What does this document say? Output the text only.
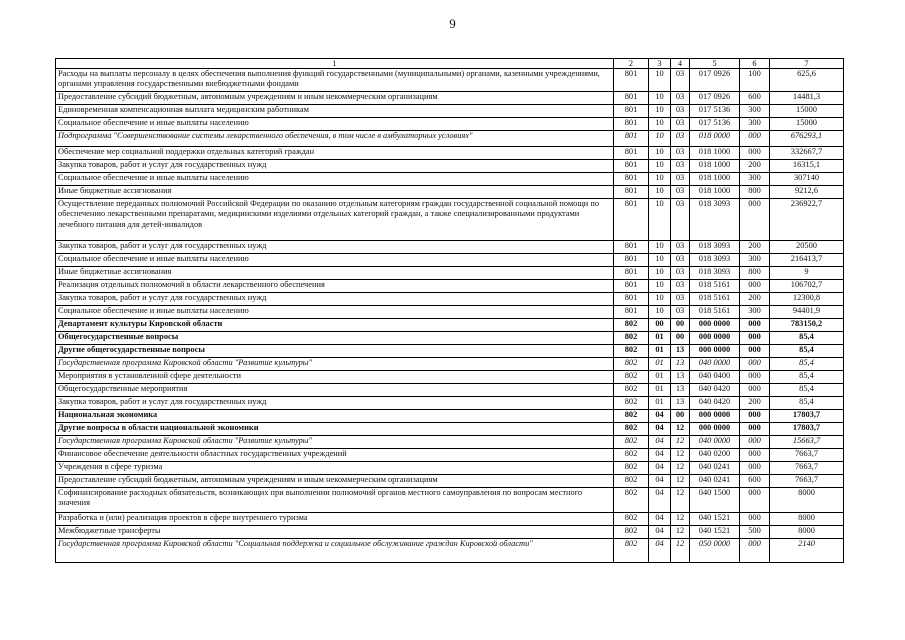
9
1	2	3	4	5	6	7
Расходы на выплаты персоналу в целях обеспечения выполнения функций государственными (муниципальными) органами, казенными учреждениями, органами управления государственными внебюджетными фондами	801	10	03	017 0926	100	625,6
Предоставление субсидий бюджетным, автономным учреждениям и иным некоммерческим организациям	801	10	03	017 0926	600	14481,3
Единовременная компенсационная выплата медицинским работникам	801	10	03	017 5136	300	15000
Социальное обеспечение и иные выплаты населению	801	10	03	017 5136	300	15000
Подпрограмма "Совершенствование системы лекарственного обеспечения, в том числе в амбулаторных условиях"	801	10	03	018 0000	000	676293,1
Обеспечение мер социальной поддержки отдельных категорий граждан	801	10	03	018 1000	000	332667,7
Закупка товаров, работ и услуг для государственных нужд	801	10	03	018 1000	200	16315,1
Социальное обеспечение и иные выплаты населению	801	10	03	018 1000	300	307140
Иные бюджетные ассигнования	801	10	03	018 1000	800	9212,6
Осуществление переданных полномочий Российской Федерации по оказанию отдельным категориям граждан государственной социальной помощи по обеспечению лекарственными препаратами, медицинскими изделиями отдельных категорий граждан, а также специализированными продуктами лечебного питания для детей-инвалидов	801	10	03	018 3093	000	236922,7
Закупка товаров, работ и услуг для государственных нужд	801	10	03	018 3093	200	20500
Социальное обеспечение и иные выплаты населению	801	10	03	018 3093	300	216413,7
Иные бюджетные ассигнования	801	10	03	018 3093	800	9
Реализация отдельных полномочий в области лекарственного обеспечения	801	10	03	018 5161	000	106702,7
Закупка товаров, работ и услуг для государственных нужд	801	10	03	018 5161	200	12300,8
Социальное обеспечение и иные выплаты населению	801	10	03	018 5161	300	94401,9
Департамент культуры Кировской области	802	00	00	000 0000	000	783150,2
Общегосударственные вопросы	802	01	00	000 0000	000	85,4
Другие общегосударственные вопросы	802	01	13	000 0000	000	85,4
Государственная программа Кировской области "Развитие культуры"	802	01	13	040 0000	000	85,4
Мероприятия в установленной сфере деятельности	802	01	13	040 0400	000	85,4
Общегосударственные мероприятия	802	01	13	040 0420	000	85,4
Закупка товаров, работ и услуг для государственных нужд	802	01	13	040 0420	200	85,4
Национальная экономика	802	04	00	000 0000	000	17803,7
Другие вопросы в области национальной экономики	802	04	12	000 0000	000	17803,7
Государственная программа Кировской области "Развитие культуры"	802	04	12	040 0000	000	15663,7
Финансовое обеспечение деятельности областных государственных учреждений	802	04	12	040 0200	000	7663,7
Учреждения в сфере туризма	802	04	12	040 0241	000	7663,7
Предоставление субсидий бюджетным, автономным учреждениям и иным некоммерческим организациям	802	04	12	040 0241	600	7663,7
Софинансирование расходных обязательств, возникающих при выполнении полномочий органов местного самоуправления по вопросам местного значения	802	04	12	040 1500	000	8000
Разработка и (или) реализация проектов в сфере внутреннего туризма	802	04	12	040 1521	000	8000
Межбюджетные трансферты	802	04	12	040 1521	500	8000
Государственная программа Кировской области "Социальная поддержка и социальное обслуживание граждан Кировской области"	802	04	12	050 0000	000	2140
